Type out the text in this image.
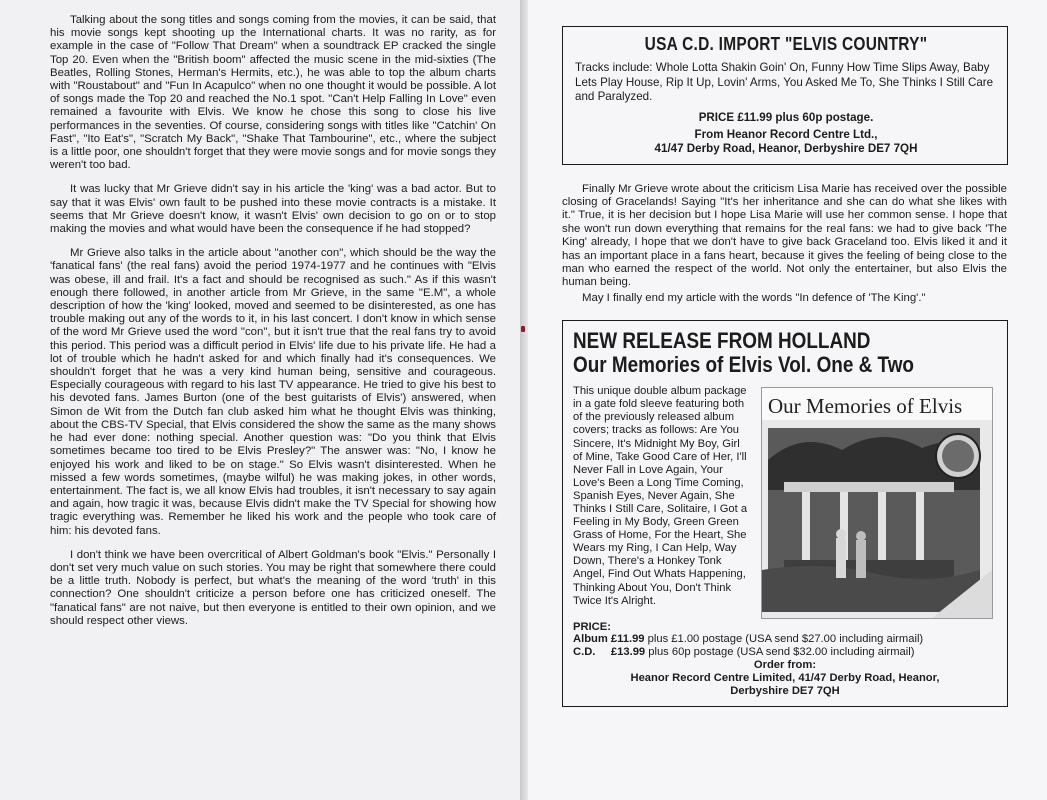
Talking about the song titles and songs coming from the movies, it can be said, that his movie songs kept shooting up the International charts. It was no rarity, as for example in the case of "Follow That Dream" when a soundtrack EP cracked the single Top 20. Even when the "British boom" affected the music scene in the mid-sixties (The Beatles, Rolling Stones, Herman's Hermits, etc.), he was able to top the album charts with "Roustabout" and "Fun In Acapulco" when no one thought it would be possible. A lot of songs made the Top 20 and reached the No.1 spot. "Can't Help Falling In Love" even remained a favourite with Elvis. We know he chose this song to close his live performances in the seventies. Of course, considering songs with titles like "Catchin' On Fast", "Ito Eat's", "Scratch My Back", "Shake That Tambourine", etc., where the subject is a little poor, one shouldn't forget that they were movie songs and for movie songs they weren't too bad.

It was lucky that Mr Grieve didn't say in his article the 'king' was a bad actor. But to say that it was Elvis' own fault to be pushed into these movie contracts is a mistake. It seems that Mr Grieve doesn't know, it wasn't Elvis' own decision to go on or to stop making the movies and what would have been the consequence if he had stopped?

Mr Grieve also talks in the article about "another con", which should be the way the 'fanatical fans' (the real fans) avoid the period 1974-1977 and he continues with "Elvis was obese, ill and frail. It's a fact and should be recognised as such." As if this wasn't enough there followed, in another article from Mr Grieve, in the same "E.M", a whole description of how the 'king' looked, moved and seemed to be disinterested, as one has trouble making out any of the words to it, in his last concert. I don't know in which sense of the word Mr Grieve used the word "con", but it isn't true that the real fans try to avoid this period. This period was a difficult period in Elvis' life due to his private life. He had a lot of trouble which he hadn't asked for and which finally had it's consequences. We shouldn't forget that he was a very kind human being, sensitive and courageous. Especially courageous with regard to his last TV appearance. He tried to give his best to his devoted fans. James Burton (one of the best guitarists of Elvis') answered, when Simon de Wit from the Dutch fan club asked him what he thought Elvis was thinking, about the CBS-TV Special, that Elvis considered the show the same as the many shows he had ever done: nothing special. Another question was: "Do you think that Elvis sometimes became too tired to be Elvis Presley?" The answer was: "No, I know he enjoyed his work and liked to be on stage." So Elvis wasn't disinterested. When he missed a few words sometimes, (maybe wilful) he was making jokes, in other words, entertainment. The fact is, we all know Elvis had troubles, it isn't necessary to say again and again, how tragic it was, because Elvis didn't make the TV Special for showing how tragic everything was. Remember he liked his work and the people who took care of him: his devoted fans.

I don't think we have been overcritical of Albert Goldman's book "Elvis." Personally I don't set very much value on such stories. You may be right that somewhere there could be a little truth. Nobody is perfect, but what's the meaning of the word 'truth' in this connection? One shouldn't criticize a person before one has criticized oneself. The "fanatical fans" are not naive, but then everyone is entitled to their own opinion, and we should respect other views.

USA C.D. IMPORT "ELVIS COUNTRY"

Tracks include: Whole Lotta Shakin Goin' On, Funny How Time Slips Away, Baby Lets Play House, Rip It Up, Lovin' Arms, You Asked Me To, She Thinks I Still Care and Paralyzed.

PRICE £11.99 plus 60p postage.

From Heanor Record Centre Ltd.,
41/47 Derby Road, Heanor, Derbyshire DE7 7QH

Finally Mr Grieve wrote about the criticism Lisa Marie has received over the possible closing of Gracelands! Saying "It's her inheritance and she can do what she likes with it." True, it is her decision but I hope Lisa Marie will use her common sense. I hope that she won't run down everything that remains for the real fans: we had to give back 'The King' already, I hope that we don't have to give back Graceland too. Elvis liked it and it has an important place in a fans heart, because it gives the feeling of being close to the man who earned the respect of the world. Not only the entertainer, but also Elvis the human being.

May I finally end my article with the words "In defence of 'The King'."

NEW RELEASE FROM HOLLAND

Our Memories of Elvis Vol. One & Two

This unique double album package in a gate fold sleeve featuring both of the previously released album covers; tracks as follows: Are You Sincere, It's Midnight My Boy, Girl of Mine, Take Good Care of Her, I'll Never Fall in Love Again, Your Love's Been a Long Time Coming, Spanish Eyes, Never Again, She Thinks I Still Care, Solitaire, I Got a Feeling in My Body, Green Green Grass of Home, For the Heart, She Wears my Ring, I Can Help, Way Down, There's a Honkey Tonk Angel, Find Out Whats Happening, Thinking About You, Don't Think Twice It's Alright.

Our Memories of Elvis

PRICE:

Album £11.99 plus £1.00 postage (USA send $27.00 including airmail)

C.D. £13.99 plus 60p postage (USA send $32.00 including airmail)

Order from:
Heanor Record Centre Limited, 41/47 Derby Road, Heanor,
Derbyshire DE7 7QH
